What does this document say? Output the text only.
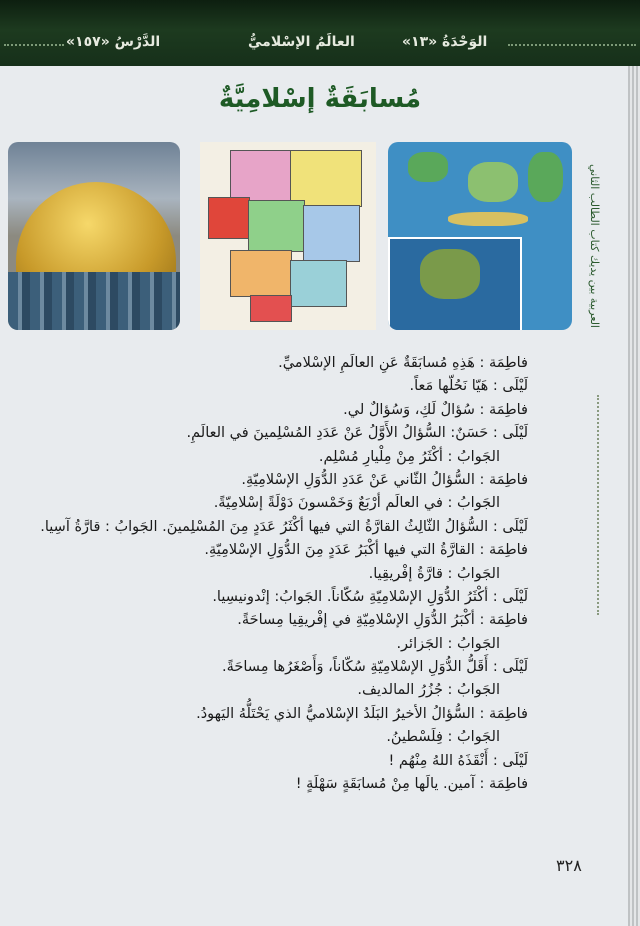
الدَّرْسُ «١٥٧»	العالَمُ الإسْلاميُّ	الوَحْدَةُ «١٣»
مُسابَقَةٌ إسْلامِيَّةٌ
العربية بين يديك كتاب الطالب الثاني
فاطِمَة : هَذِهِ مُسابَقَةٌ عَنِ العالَمِ الإسْلاميِّ.
لَيْلَى : هَيّا نَحُلّها مَعاً.
فاطِمَة : سُؤالٌ لَكِ، وَسُؤالٌ لي.
لَيْلَى : حَسَنٌ: السُّؤالُ الأَوَّلُ عَنْ عَدَدِ المُسْلِمينَ في العالَمِ.
الجَوابُ : أكْثَرُ مِنْ مِلْيارِ مُسْلِم.
فاطِمَة : السُّؤالُ الثّاني عَنْ عَدَدِ الدُّوَلِ الإسْلامِيّةِ.
الجَوابُ : في العالَم أرْبَعٌ وَخَمْسونَ دَوْلَةً إسْلامِيّةً.
لَيْلَى : السُّؤالُ الثّالِثُ القارَّةُ التي فيها أكْثَرُ عَدَدٍ مِنَ المُسْلِمينَ. الجَوابُ : قارَّةُ آسِيا.
فاطِمَة : القارَّةُ التي فيها أكْبَرُ عَدَدٍ مِنَ الدُّوَلِ الإسْلامِيّةِ.
الجَوابُ : قارَّةُ إفْريقِيا.
لَيْلَى : أكْثَرُ الدُّوَلِ الإسْلامِيّةِ سُكّاناً. الجَوابُ: إنْدونيسِيا.
فاطِمَة : أكْبَرُ الدُّوَلِ الإسْلامِيّةِ في إفْريقِيا مِساحَةً.
الجَوابُ : الجَزائر.
لَيْلَى : أَقَلُّ الدُّوَلِ الإسْلامِيّةِ سُكّاناً، وَأَصْغَرُها مِساحَةً.
الجَوابُ : جُزُرُ المالديف.
فاطِمَة : السُّؤالُ الأخيرُ البَلَدُ الإسْلاميُّ الذي يَحْتَلُّهُ اليَهودُ.
الجَوابُ : فِلَسْطينُ.
لَيْلَى : أَنْقَذَهُ اللهُ مِنْهُم !
فاطِمَة : آمين. يالَها مِنْ مُسابَقَةٍ سَهْلَةٍ !
٣٢٨
